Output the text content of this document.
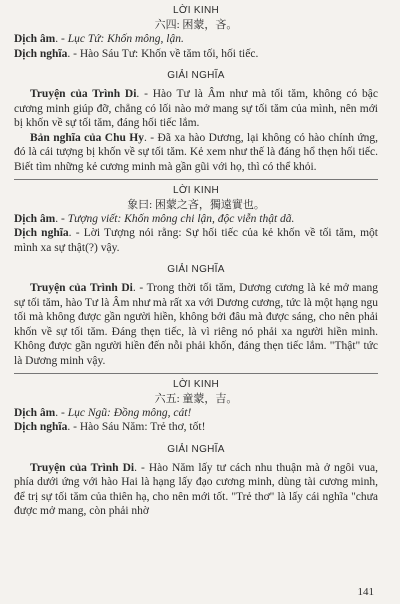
LỜI KINH

六四: 困蒙，吝。

Dịch âm. - Lục Tứ: Khốn mông, lận.

Dịch nghĩa. - Hào Sáu Tư: Khốn về tăm tối, hối tiếc.

GIẢI NGHĨA

Truyện của Trình Di. - Hào Tư là Âm như mà tối tăm, không có bậc cương minh giúp đỡ, chẳng có lối nào mở mang sự tối tăm của mình, nên mới bị khốn về sự tối tăm, đáng hối tiếc lắm.

Bản nghĩa của Chu Hy. - Đã xa hào Dương, lại không có hào chính ứng, đó là cái tượng bị khốn về sự tối tăm. Kẻ xem như thế là đáng hổ thẹn hối tiếc. Biết tìm những kẻ cương minh mà gần gũi với họ, thì có thể khỏi.

LỜI KINH

象曰: 困蒙之吝，獨遠實也。

Dịch âm. - Tượng viết: Khốn mông chi lận, độc viễn thật dã.

Dịch nghĩa. - Lời Tượng nói rằng: Sự hối tiếc của kẻ khốn về tối tăm, một mình xa sự thật(?) vậy.

GIẢI NGHĨA

Truyện của Trình Di. - Trong thời tối tăm, Dương cương là kẻ mở mang sự tối tăm, hào Tư là Âm như mà rất xa với Dương cương, tức là một hạng ngu tối mà không được gần người hiền, không bởi đâu mà được sáng, cho nên phải khốn về sự tối tăm. Đáng thẹn tiếc, là vì riêng nó phải xa người hiền minh. Không được gần người hiền đến nỗi phải khốn, đáng thẹn tiếc lắm. "Thật" tức là Dương minh vậy.

LỜI KINH

六五: 童蒙，吉。

Dịch âm. - Lục Ngũ: Đồng mông, cát!

Dịch nghĩa. - Hào Sáu Năm: Trẻ thơ, tốt!

GIẢI NGHĨA

Truyện của Trình Di. - Hào Năm lấy tư cách nhu thuận mà ở ngôi vua, phía dưới ứng với hào Hai là hạng lấy đạo cương minh, dùng tài cương minh, để trị sự tối tăm của thiên hạ, cho nên mới tốt. "Trẻ thơ" là lấy cái nghĩa "chưa được mở mang, còn phải nhờ

141
